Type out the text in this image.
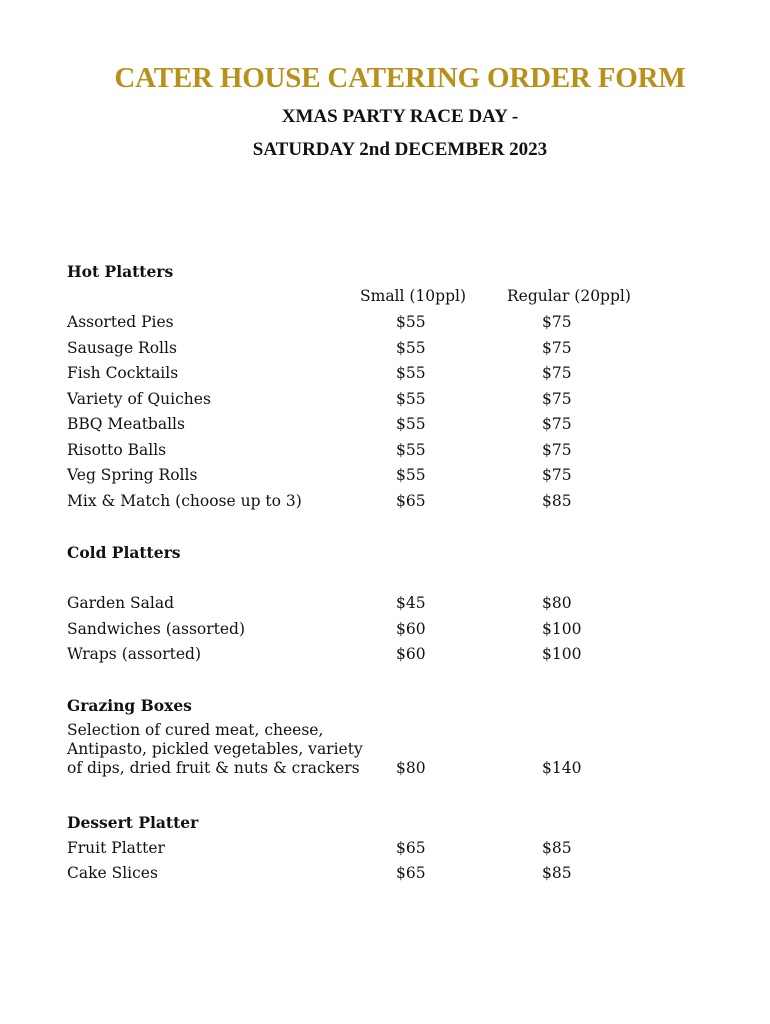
CATER HOUSE CATERING ORDER FORM
XMAS PARTY RACE DAY -
SATURDAY 2nd DECEMBER 2023
Hot Platters
Small (10ppl)	Regular (20ppl)
Assorted Pies	$55	$75
Sausage Rolls	$55	$75
Fish Cocktails	$55	$75
Variety of Quiches	$55	$75
BBQ Meatballs	$55	$75
Risotto Balls	$55	$75
Veg Spring Rolls	$55	$75
Mix & Match (choose up to 3)	$65	$85
Cold Platters
Garden Salad	$45	$80
Sandwiches (assorted)	$60	$100
Wraps (assorted)	$60	$100
Grazing Boxes
Selection of cured meat, cheese,
Antipasto, pickled vegetables, variety
of dips, dried fruit & nuts & crackers	$80	$140
Dessert Platter
Fruit Platter	$65	$85
Cake Slices	$65	$85
